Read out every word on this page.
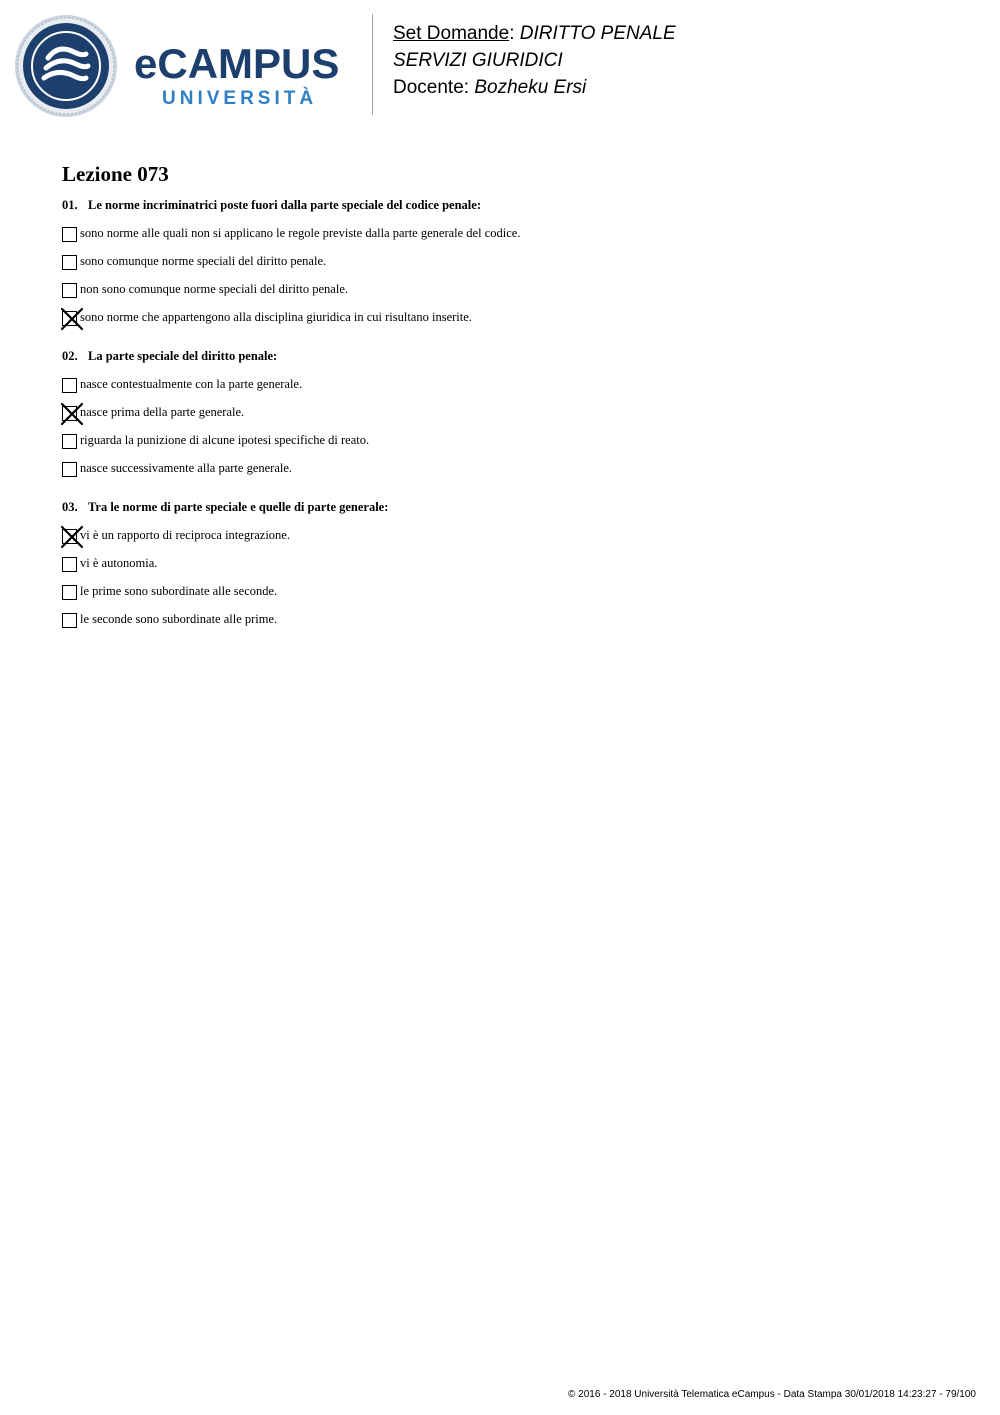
eCAMPUS
UNIVERSITÀ
Set Domande: DIRITTO PENALE
SERVIZI GIURIDICI
Docente: Bozheku Ersi
Lezione 073
01. Le norme incriminatrici poste fuori dalla parte speciale del codice penale:
sono norme alle quali non si applicano le regole previste dalla parte generale del codice.
sono comunque norme speciali del diritto penale.
non sono comunque norme speciali del diritto penale.
sono norme che appartengono alla disciplina giuridica in cui risultano inserite.
02. La parte speciale del diritto penale:
nasce contestualmente con la parte generale.
nasce prima della parte generale.
riguarda la punizione di alcune ipotesi specifiche di reato.
nasce successivamente alla parte generale.
03. Tra le norme di parte speciale e quelle di parte generale:
vi è un rapporto di reciproca integrazione.
vi è autonomia.
le prime sono subordinate alle seconde.
le seconde sono subordinate alle prime.
© 2016 - 2018 Università Telematica eCampus - Data Stampa 30/01/2018 14:23:27 - 79/100
